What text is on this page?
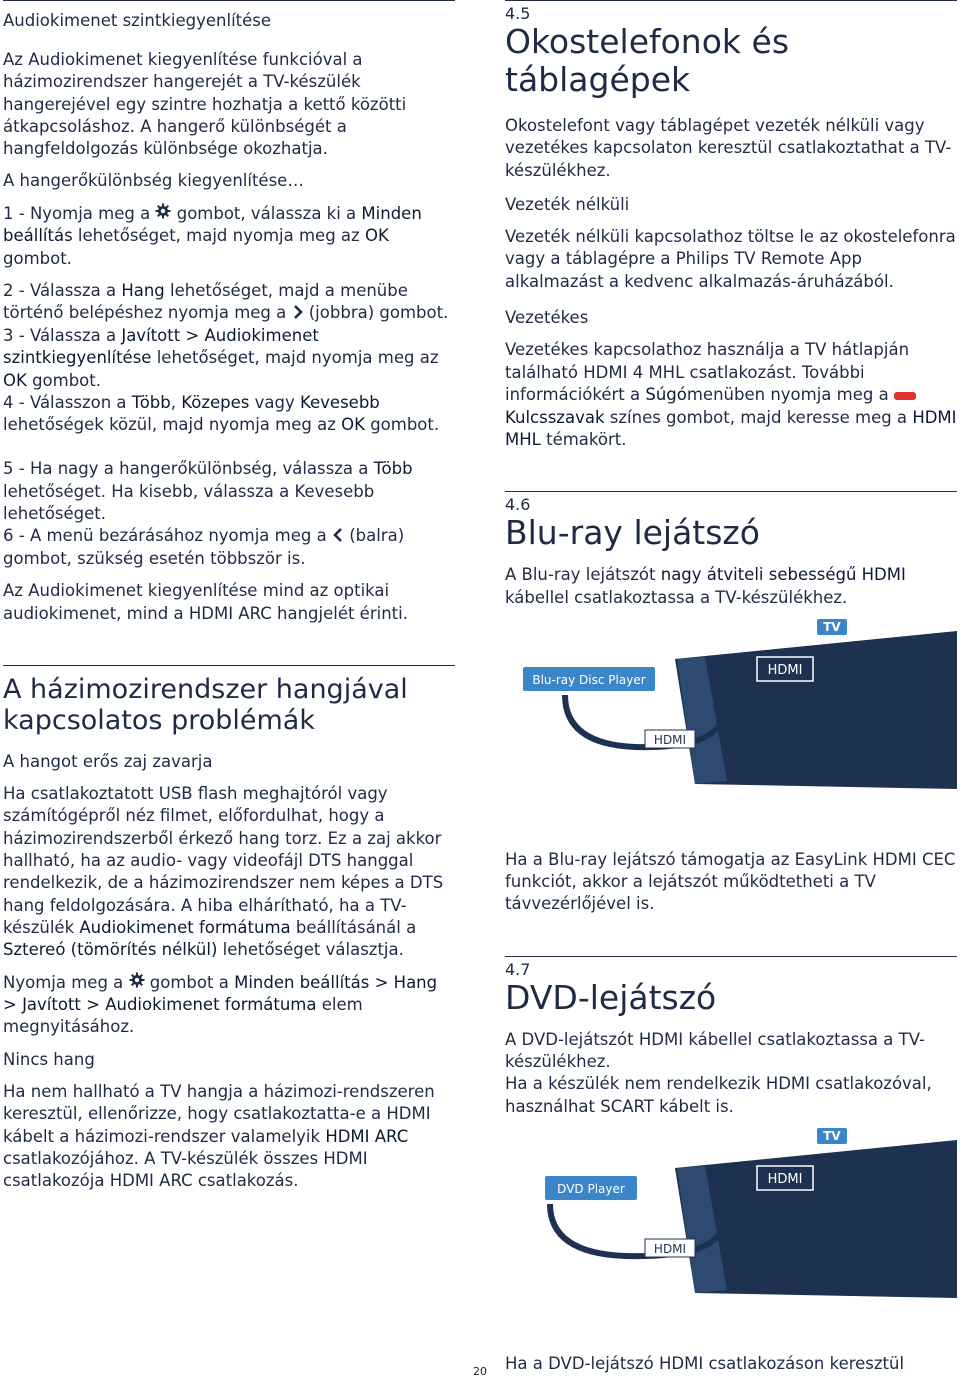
Audiokimenet szintkiegyenlítése

Az Audiokimenet kiegyenlítése funkcióval a házimozirendszer hangerejét a TV-készülék hangerejével egy szintre hozhatja a kettő közötti átkapcsoláshoz. A hangerő különbségét a hangfeldolgozás különbsége okozhatja.

A hangerőkülönbség kiegyenlítése…

1 - Nyomja meg a gombot, válassza ki a Minden beállítás lehetőséget, majd nyomja meg az OK gombot.

2 - Válassza a Hang lehetőséget, majd a menübe történő belépéshez nyomja meg a (jobbra) gombot.

3 - Válassza a Javított > Audiokimenet szintkiegyenlítése lehetőséget, majd nyomja meg az OK gombot.

4 - Válasszon a Több, Közepes vagy Kevesebb lehetőségek közül, majd nyomja meg az OK gombot.

5 - Ha nagy a hangerőkülönbség, válassza a Több lehetőséget. Ha kisebb, válassza a Kevesebb lehetőséget.

6 - A menü bezárásához nyomja meg a (balra) gombot, szükség esetén többször is.

Az Audiokimenet kiegyenlítése mind az optikai audiokimenet, mind a HDMI ARC hangjelét érinti.

A házimozirendszer hangjával kapcsolatos problémák

A hangot erős zaj zavarja

Ha csatlakoztatott USB flash meghajtóról vagy számítógépről néz filmet, előfordulhat, hogy a házimozirendszerből érkező hang torz. Ez a zaj akkor hallható, ha az audio- vagy videofájl DTS hanggal rendelkezik, de a házimozirendszer nem képes a DTS hang feldolgozására. A hiba elhárítható, ha a TV-készülék Audiokimenet formátuma beállításánál a Sztereó (tömörítés nélkül) lehetőséget választja.

Nyomja meg a gombot a Minden beállítás > Hang > Javított > Audiokimenet formátuma elem megnyitásához.

Nincs hang

Ha nem hallható a TV hangja a házimozi-rendszeren keresztül, ellenőrizze, hogy csatlakoztatta-e a HDMI kábelt a házimozi-rendszer valamelyik HDMI ARC csatlakozójához. A TV-készülék összes HDMI csatlakozója HDMI ARC csatlakozás.

4.5
Okostelefonok és táblagépek

Okostelefont vagy táblagépet vezeték nélküli vagy vezetékes kapcsolaton keresztül csatlakoztathat a TV-készülékhez.

Vezeték nélküli

Vezeték nélküli kapcsolathoz töltse le az okostelefonra vagy a táblagépre a Philips TV Remote App alkalmazást a kedvenc alkalmazás-áruházából.

Vezetékes

Vezetékes kapcsolathoz használja a TV hátlapján található HDMI 4 MHL csatlakozást. További információkért a Súgómenüben nyomja meg a  Kulcsszavak színes gombot, majd keresse meg a HDMI MHL témakört.

4.6
Blu-ray lejátszó

A Blu-ray lejátszót nagy átviteli sebességű HDMI kábellel csatlakoztassa a TV-készülékhez.

TV
HDMI
HDMI
Blu-ray Disc Player

Ha a Blu-ray lejátszó támogatja az EasyLink HDMI CEC funkciót, akkor a lejátszót működtetheti a TV távvezérlőjével is.

4.7
DVD-lejátszó

A DVD-lejátszót HDMI kábellel csatlakoztassa a TV-készülékhez.

Ha a készülék nem rendelkezik HDMI csatlakozóval, használhat SCART kábelt is.

TV
HDMI
HDMI
DVD Player

Ha a DVD-lejátszó HDMI csatlakozáson keresztül

20
